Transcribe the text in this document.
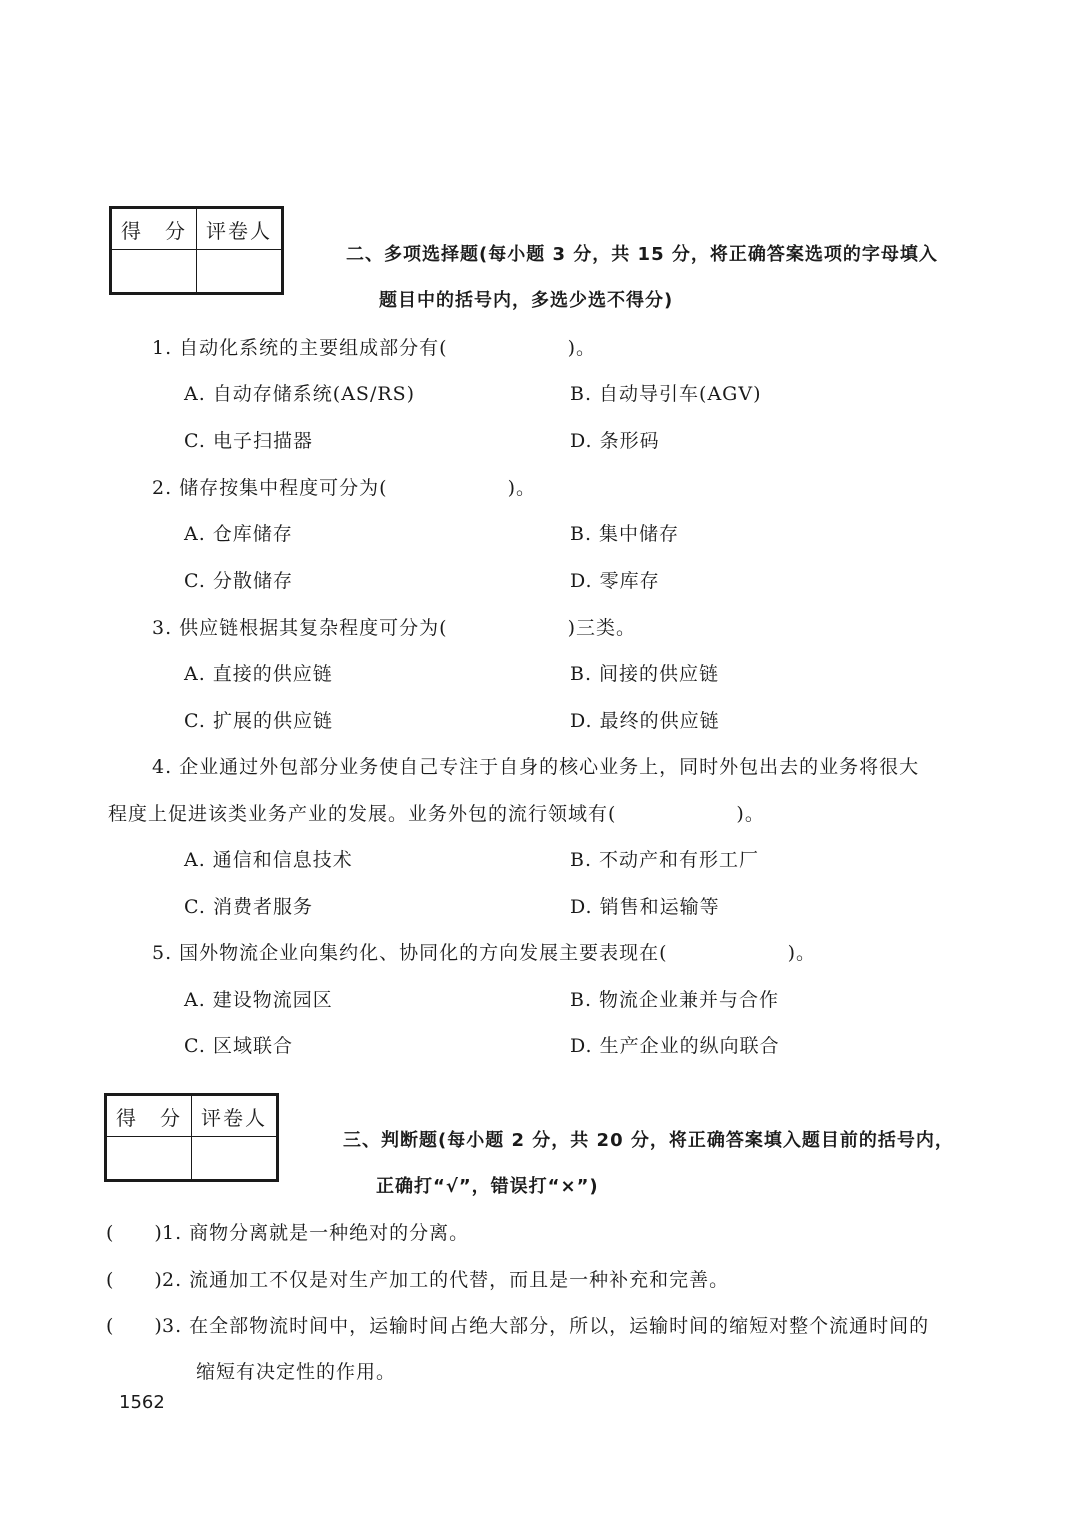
得　分	评卷人

二、多项选择题(每小题 3 分，共 15 分，将正确答案选项的字母填入
题目中的括号内，多选少选不得分)
1. 自动化系统的主要组成部分有(　　　　　　)。
A. 自动存储系统(AS/RS)	B. 自动导引车(AGV)
C. 电子扫描器	D. 条形码
2. 储存按集中程度可分为(　　　　　　)。
A. 仓库储存	B. 集中储存
C. 分散储存	D. 零库存
3. 供应链根据其复杂程度可分为(　　　　　　)三类。
A. 直接的供应链	B. 间接的供应链
C. 扩展的供应链	D. 最终的供应链
4. 企业通过外包部分业务使自己专注于自身的核心业务上，同时外包出去的业务将很大
程度上促进该类业务产业的发展。业务外包的流行领域有(　　　　　　)。
A. 通信和信息技术	B. 不动产和有形工厂
C. 消费者服务	D. 销售和运输等
5. 国外物流企业向集约化、协同化的方向发展主要表现在(　　　　　　)。
A. 建设物流园区	B. 物流企业兼并与合作
C. 区域联合	D. 生产企业的纵向联合
得　分	评卷人

三、判断题(每小题 2 分，共 20 分，将正确答案填入题目前的括号内，
正确打“√”，错误打“×”)
(　　) 1. 商物分离就是一种绝对的分离。
(　　) 2. 流通加工不仅是对生产加工的代替，而且是一种补充和完善。
(　　) 3. 在全部物流时间中，运输时间占绝大部分，所以，运输时间的缩短对整个流通时间的
缩短有决定性的作用。
1562
